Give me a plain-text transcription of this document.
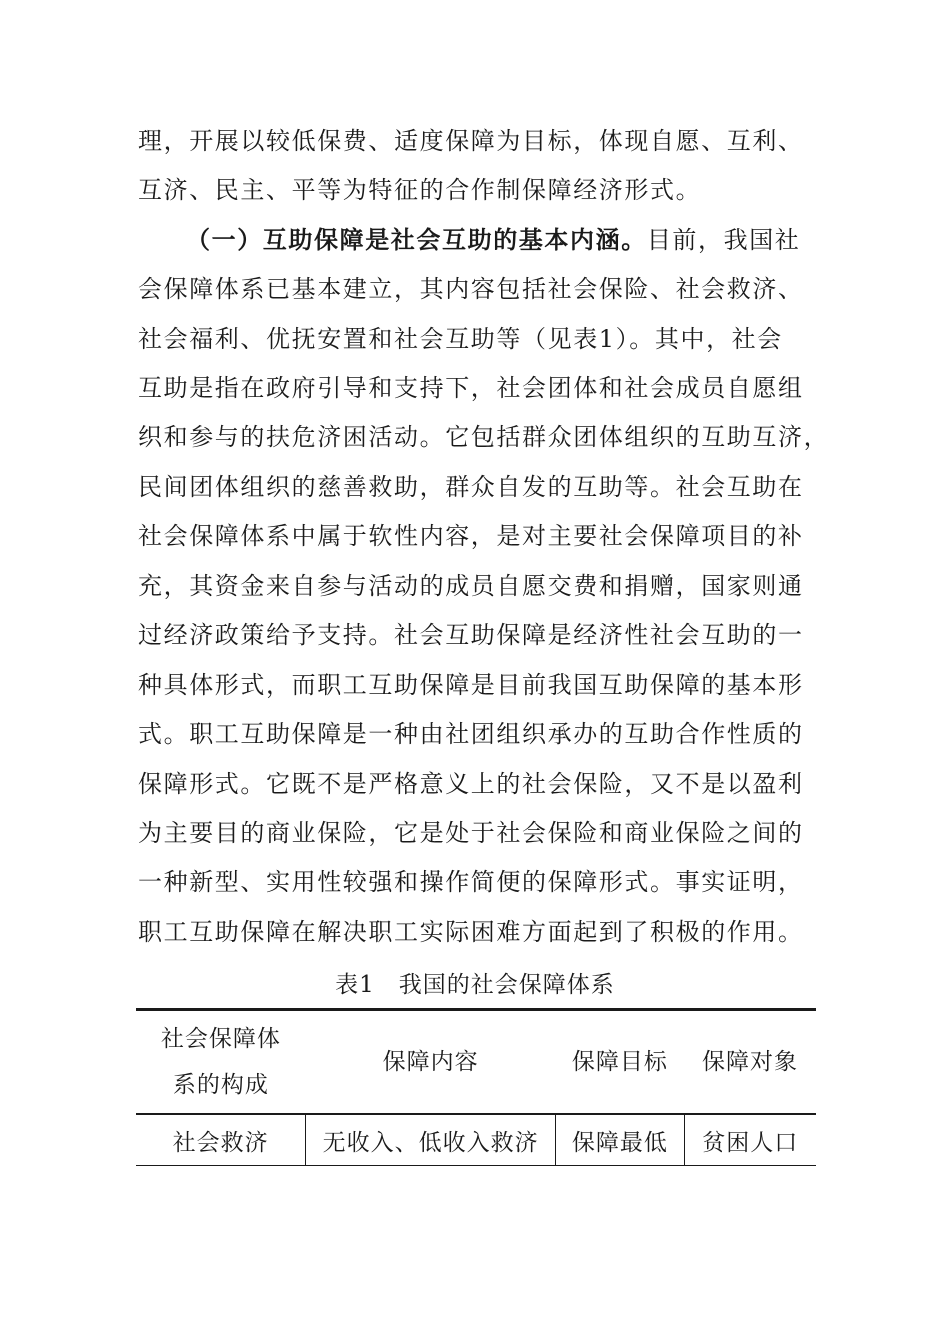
理，开展以较低保费、适度保障为目标，体现自愿、互利、
互济、民主、平等为特征的合作制保障经济形式。
（一）互助保障是社会互助的基本内涵。目前，我国社
会保障体系已基本建立，其内容包括社会保险、社会救济、
社会福利、优抚安置和社会互助等（见表1）。其中，社会
互助是指在政府引导和支持下，社会团体和社会成员自愿组
织和参与的扶危济困活动。它包括群众团体组织的互助互济，
民间团体组织的慈善救助，群众自发的互助等。社会互助在
社会保障体系中属于软性内容，是对主要社会保障项目的补
充，其资金来自参与活动的成员自愿交费和捐赠，国家则通
过经济政策给予支持。社会互助保障是经济性社会互助的一
种具体形式，而职工互助保障是目前我国互助保障的基本形
式。职工互助保障是一种由社团组织承办的互助合作性质的
保障形式。它既不是严格意义上的社会保险，又不是以盈利
为主要目的商业保险，它是处于社会保险和商业保险之间的
一种新型、实用性较强和操作简便的保障形式。事实证明，
职工互助保障在解决职工实际困难方面起到了积极的作用。
表1　我国的社会保障体系
社会保障体
系的构成	保障内容	保障目标	保障对象
社会救济	无收入、低收入救济	保障最低	贫困人口
